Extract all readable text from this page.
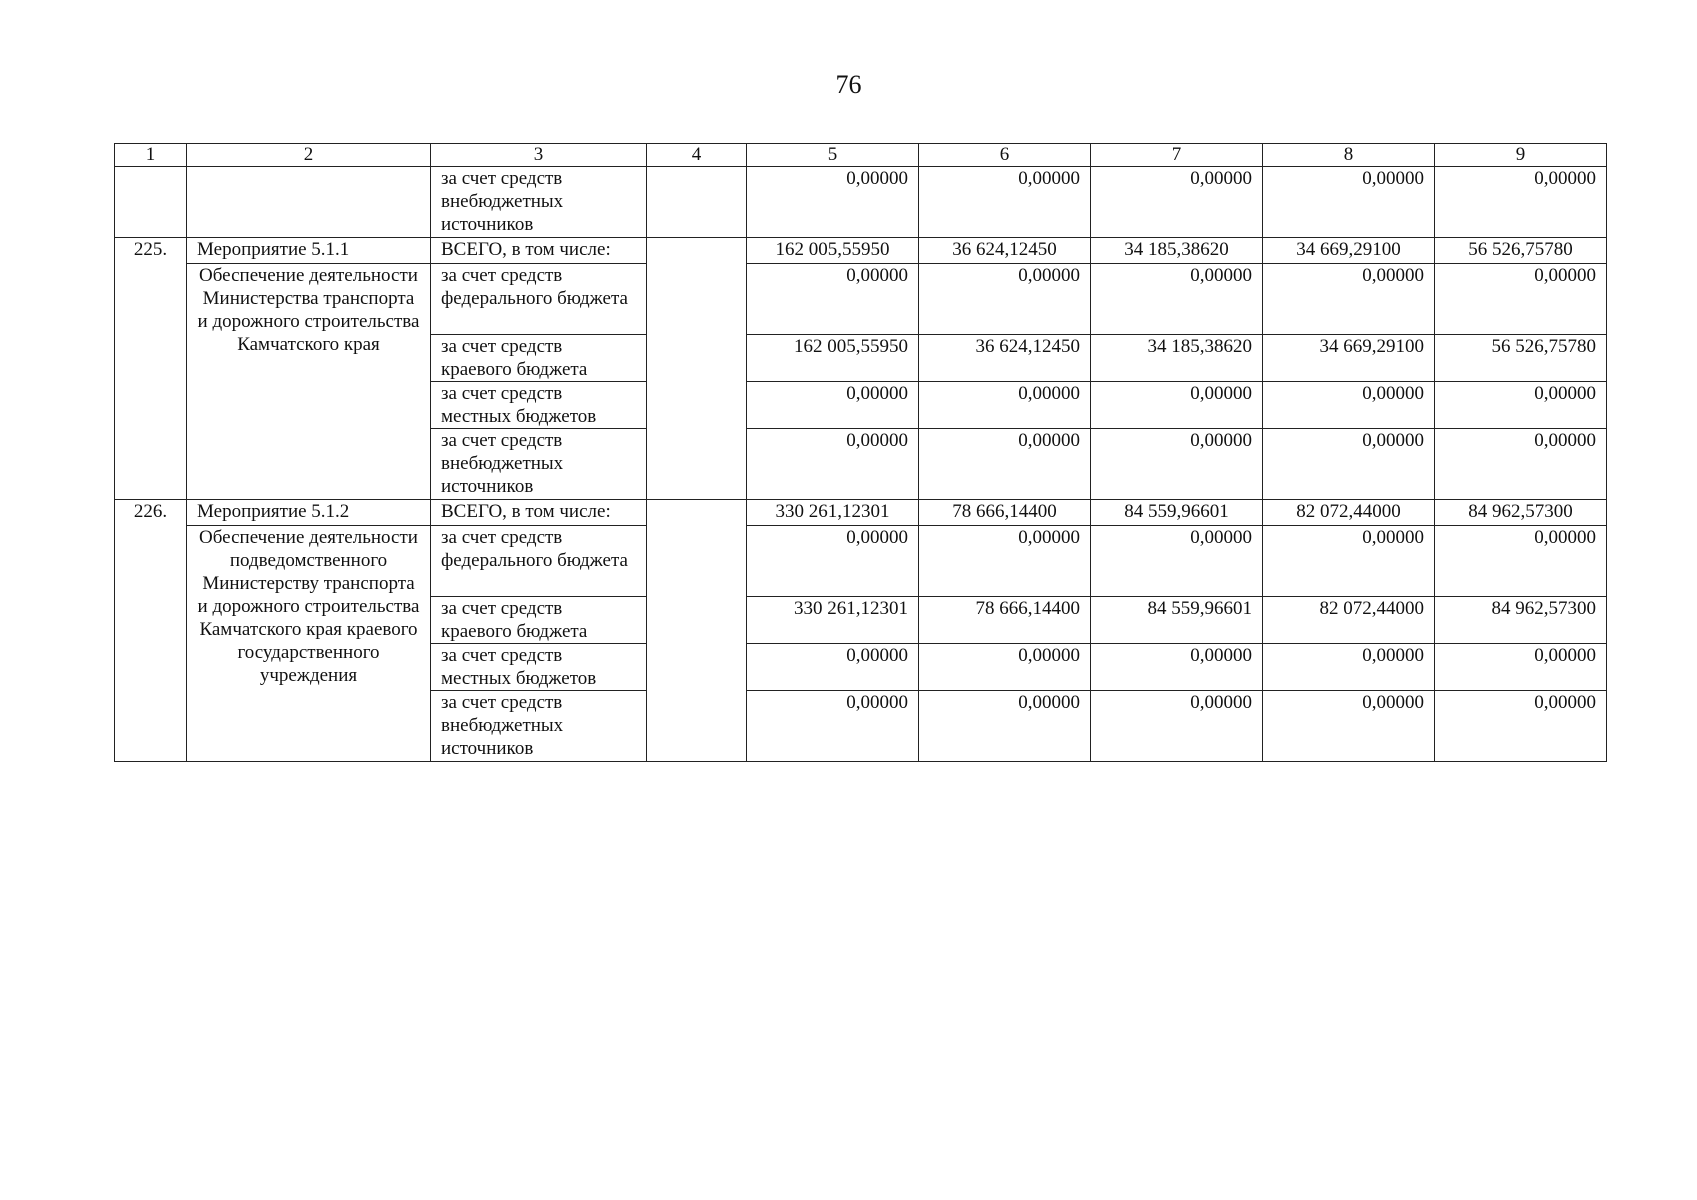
76
1	2	3	4	5	6	7	8	9
		за счет средств внебюджетных источников		0,00000	0,00000	0,00000	0,00000	0,00000
225.	Мероприятие 5.1.1	ВСЕГО, в том числе:		162 005,55950	36 624,12450	34 185,38620	34 669,29100	56 526,75780
	Обеспечение деятельности Министерства транспорта и дорожного строительства Камчатского края	за счет средств федерального бюджета		0,00000	0,00000	0,00000	0,00000	0,00000
		за счет средств краевого бюджета		162 005,55950	36 624,12450	34 185,38620	34 669,29100	56 526,75780
		за счет средств местных бюджетов		0,00000	0,00000	0,00000	0,00000	0,00000
		за счет средств внебюджетных источников		0,00000	0,00000	0,00000	0,00000	0,00000
226.	Мероприятие 5.1.2	ВСЕГО, в том числе:		330 261,12301	78 666,14400	84 559,96601	82 072,44000	84 962,57300
	Обеспечение деятельности подведомственного Министерству транспорта и дорожного строительства Камчатского края краевого государственного учреждения	за счет средств федерального бюджета		0,00000	0,00000	0,00000	0,00000	0,00000
		за счет средств краевого бюджета		330 261,12301	78 666,14400	84 559,96601	82 072,44000	84 962,57300
		за счет средств местных бюджетов		0,00000	0,00000	0,00000	0,00000	0,00000
		за счет средств внебюджетных источников		0,00000	0,00000	0,00000	0,00000	0,00000
